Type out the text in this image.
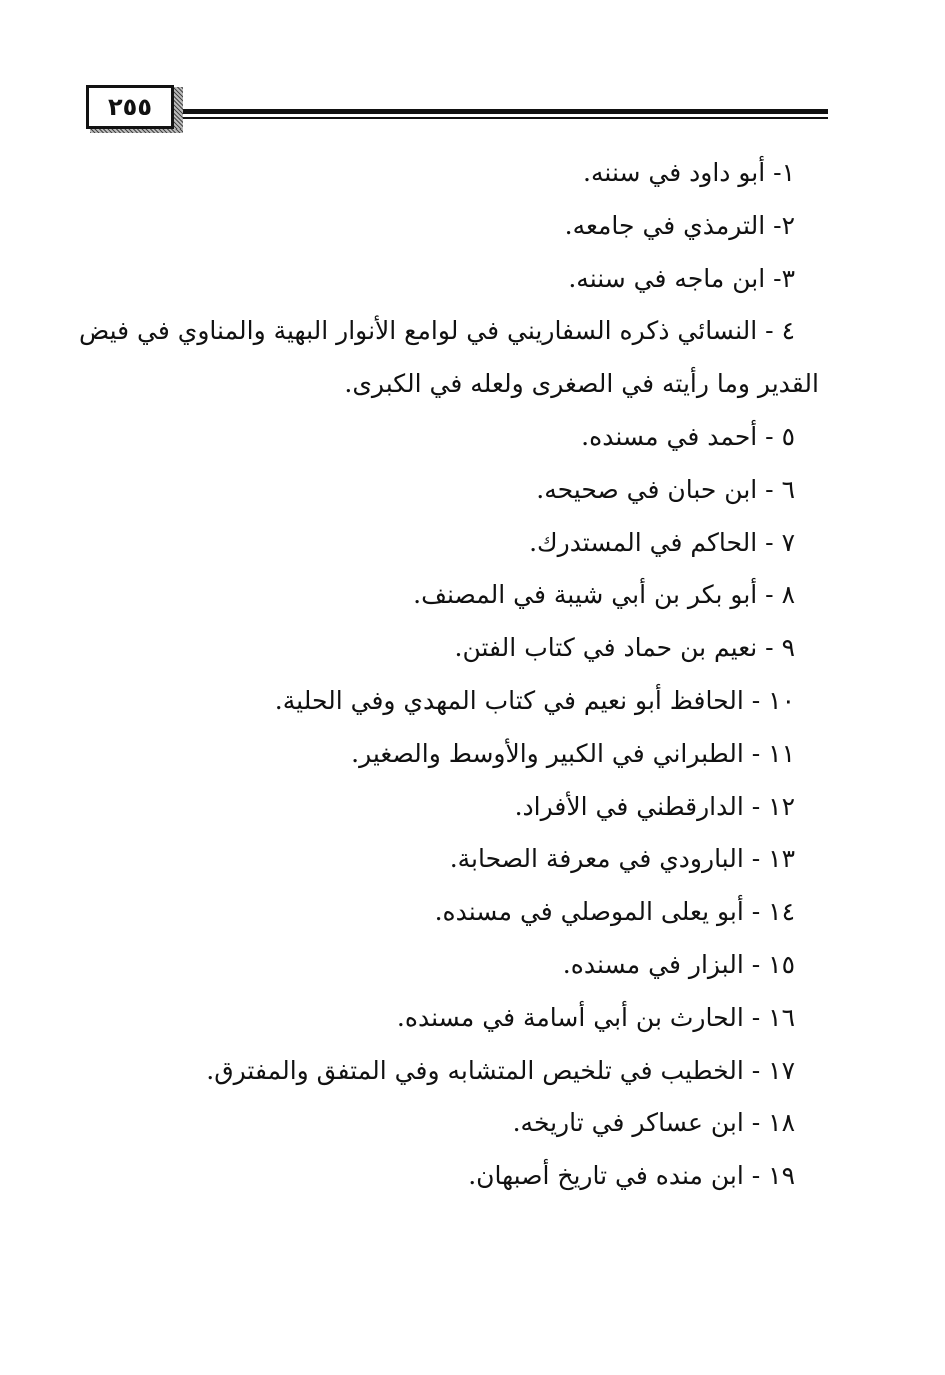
٢٥٥
١- أبو داود في سننه.
٢- الترمذي في جامعه.
٣- ابن ماجه في سننه.
٤ - النسائي ذكره السفاريني في لوامع الأنوار البهية والمناوي في فيض
القدير وما رأيته في الصغرى ولعله في الكبرى.
٥ - أحمد في مسنده.
٦ - ابن حبان في صحيحه.
٧ - الحاكم في المستدرك.
٨ - أبو بكر بن أبي شيبة في المصنف.
٩ - نعيم بن حماد في كتاب الفتن.
١٠ - الحافظ أبو نعيم في كتاب المهدي وفي الحلية.
١١ - الطبراني في الكبير والأوسط والصغير.
١٢ - الدارقطني في الأفراد.
١٣ - البارودي في معرفة الصحابة.
١٤ - أبو يعلى الموصلي في مسنده.
١٥ - البزار في مسنده.
١٦ - الحارث بن أبي أسامة في مسنده.
١٧ - الخطيب في تلخيص المتشابه وفي المتفق والمفترق.
١٨ - ابن عساكر في تاريخه.
١٩ - ابن منده في تاريخ أصبهان.
